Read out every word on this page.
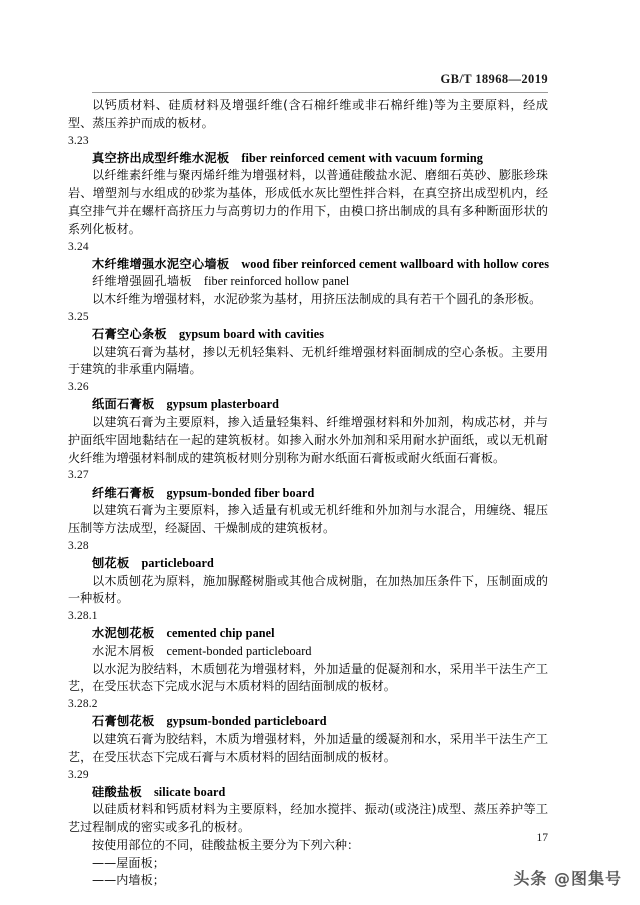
GB/T 18968—2019

以钙质材料、硅质材料及增强纤维(含石棉纤维或非石棉纤维)等为主要原料，经成型、蒸压养护而成的板材。

3.23

真空挤出成型纤维水泥板 fiber reinforced cement with vacuum forming

以纤维素纤维与聚丙烯纤维为增强材料，以普通硅酸盐水泥、磨细石英砂、膨胀珍珠岩、增塑剂与水组成的砂浆为基体，形成低水灰比塑性拌合料，在真空挤出成型机内，经真空排气并在螺杆高挤压力与高剪切力的作用下，由模口挤出制成的具有多种断面形状的系列化板材。

3.24

木纤维增强水泥空心墙板 wood fiber reinforced cement wallboard with hollow cores

纤维增强圆孔墙板 fiber reinforced hollow panel

以木纤维为增强材料，水泥砂浆为基材，用挤压法制成的具有若干个圆孔的条形板。

3.25

石膏空心条板 gypsum board with cavities

以建筑石膏为基材，掺以无机轻集料、无机纤维增强材料面制成的空心条板。主要用于建筑的非承重内隔墙。

3.26

纸面石膏板 gypsum plasterboard

以建筑石膏为主要原料，掺入适量轻集料、纤维增强材料和外加剂，构成芯材，并与护面纸牢固地黏结在一起的建筑板材。如掺入耐水外加剂和采用耐水护面纸，或以无机耐火纤维为增强材料制成的建筑板材则分别称为耐水纸面石膏板或耐火纸面石膏板。

3.27

纤维石膏板 gypsum-bonded fiber board

以建筑石膏为主要原料，掺入适量有机或无机纤维和外加剂与水混合，用缠绕、辊压压制等方法成型，经凝固、干燥制成的建筑板材。

3.28

刨花板 particleboard

以木质刨花为原料，施加脲醛树脂或其他合成树脂，在加热加压条件下，压制面成的一种板材。

3.28.1

水泥刨花板 cemented chip panel

水泥木屑板 cement-bonded particleboard

以水泥为胶结料，木质刨花为增强材料，外加适量的促凝剂和水，采用半干法生产工艺，在受压状态下完成水泥与木质材料的固结面制成的板材。

3.28.2

石膏刨花板 gypsum-bonded particleboard

以建筑石膏为胶结料，木质为增强材料，外加适量的缓凝剂和水，采用半干法生产工艺，在受压状态下完成石膏与木质材料的固结面制成的板材。

3.29

硅酸盐板 silicate board

以硅质材料和钙质材料为主要原料，经加水搅拌、振动(或浇注)成型、蒸压养护等工艺过程制成的密实或多孔的板材。

按使用部位的不同，硅酸盐板主要分为下列六种：

——屋面板；

——内墙板；

17
头条 @图集号
